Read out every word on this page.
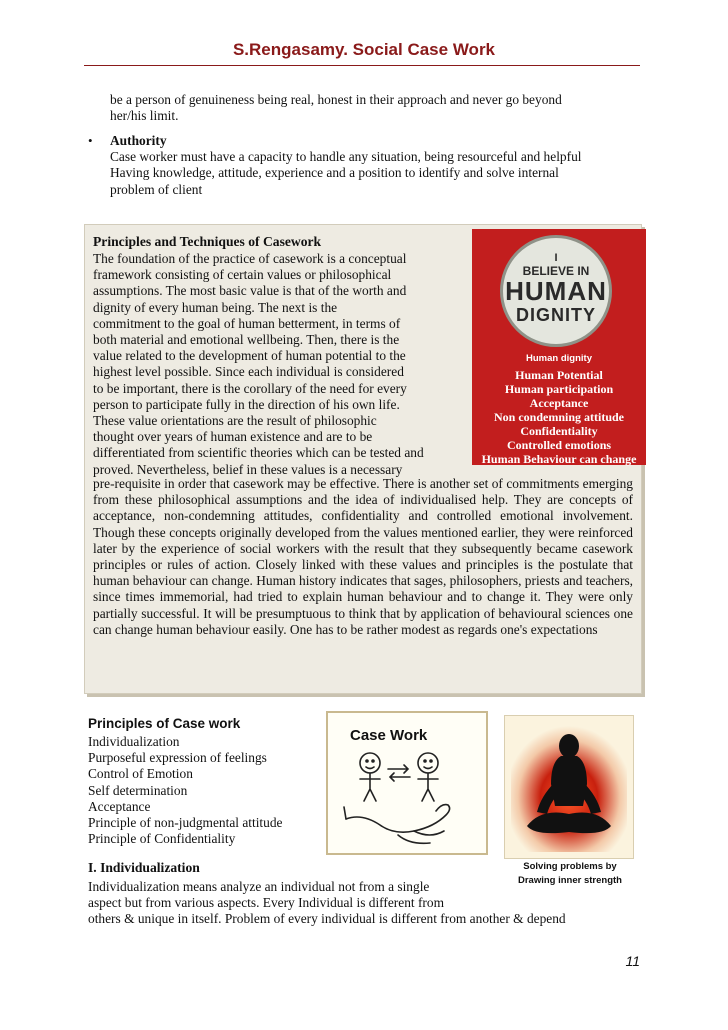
S.Rengasamy. Social Case Work
be a person of genuineness being real, honest in their approach and never go beyond
her/his limit.
• Authority
Case worker must have a capacity to handle any situation, being resourceful and helpful
Having knowledge, attitude, experience and a position to identify and solve internal
problem of client
Principles and Techniques of Casework
The foundation of the practice of casework is a conceptual
framework consisting of certain values or philosophical
assumptions. The most basic value is that of the worth and
dignity of every human being. The next is the
commitment to the goal of human betterment, in terms of
both material and emotional wellbeing. Then, there is the
value related to the development of human potential to the
highest level possible. Since each individual is considered
to be important, there is the corollary of the need for every
person to participate fully in the direction of his own life.
These value orientations are the result of philosophic
thought over years of human existence and are to be
differentiated from scientific theories which can be tested and
proved. Nevertheless, belief in these values is a necessary

pre-requisite in order that casework may be effective. There is another set of commitments emerging from these philosophical assumptions and the idea of individualised help. They are concepts of acceptance, non-condemning attitudes, confidentiality and controlled emotional involvement. Though these concepts originally developed from the values mentioned earlier, they were reinforced later by the experience of social workers with the result that they subsequently became casework principles or rules of action. Closely linked with these values and principles is the postulate that human behaviour can change. Human history indicates that sages, philosophers, priests and teachers, since times immemorial, had tried to explain human behaviour and to change it. They were only partially successful. It will be presumptuous to think that by application of behavioural sciences one can change human behaviour easily. One has to be rather modest as regards one's expectations

I
BELIEVE IN
HUMAN
DIGNITY
Human dignity
Human Potential
Human participation
Acceptance
Non condemning attitude
Confidentiality
Controlled emotions
Human Behaviour can change
Principles of Case work
Individualization
Purposeful expression of feelings
Control of Emotion
Self determination
Acceptance
Principle of non-judgmental attitude
Principle of Confidentiality
Case Work
Solving problems by
Drawing inner strength
I. Individualization
Individualization means analyze an individual not from a single
aspect but from various aspects. Every Individual is different from
others & unique in itself. Problem of every individual is different from another & depend
11
